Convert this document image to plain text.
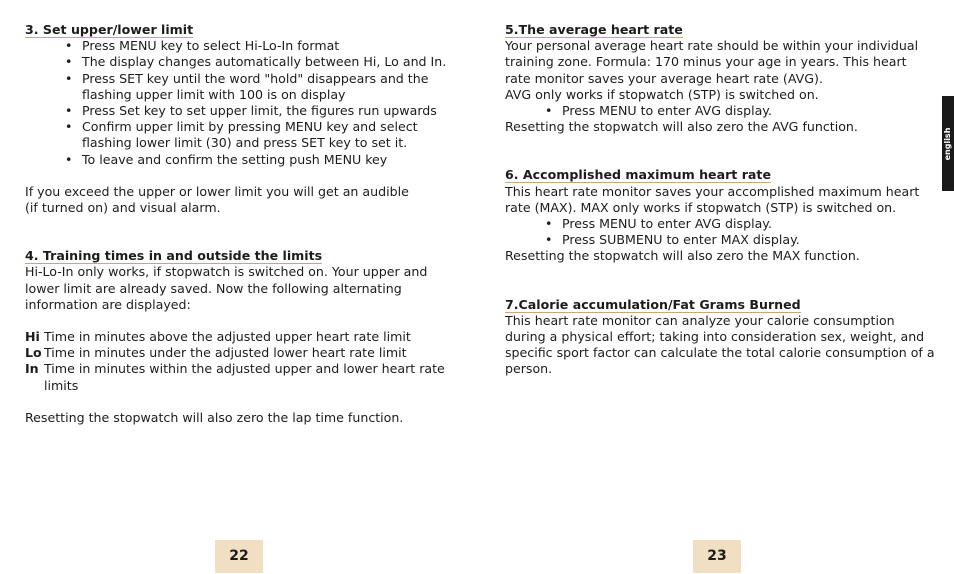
3. Set upper/lower limit
• Press MENU key to select Hi-Lo-In format
• The display changes automatically between Hi, Lo and In.
• Press SET key until the word "hold" disappears and the flashing upper limit with 100 is on display
• Press Set key to set upper limit, the figures run upwards
• Confirm upper limit by pressing MENU key and select flashing lower limit (30) and press SET key to set it.
• To leave and confirm the setting push MENU key

If you exceed the upper or lower limit you will get an audible

(if turned on) and visual alarm.

4. Training times in and outside the limits

Hi-Lo-In only works, if stopwatch is switched on. Your upper and lower limit are already saved. Now the following alternating information are displayed:

Hi Time in minutes above the adjusted upper heart rate limit
Lo Time in minutes under the adjusted lower heart rate limit
In Time in minutes within the adjusted upper and lower heart rate limits

Resetting the stopwatch will also zero the lap time function.

5.The average heart rate

Your personal average heart rate should be within your individual training zone. Formula: 170 minus your age in years. This heart rate monitor saves your average heart rate (AVG).

AVG only works if stopwatch (STP) is switched on.

• Press MENU to enter AVG display.

Resetting the stopwatch will also zero the AVG function.

6. Accomplished maximum heart rate

This heart rate monitor saves your accomplished maximum heart rate (MAX). MAX only works if stopwatch (STP) is switched on.

• Press MENU to enter AVG display.
• Press SUBMENU to enter MAX display.

Resetting the stopwatch will also zero the MAX function.

7.Calorie accumulation/Fat Grams Burned

This heart rate monitor can analyze your calorie consumption during a physical effort; taking into consideration sex, weight, and specific sport factor can calculate the total calorie consumption of a person.

22	23
english
